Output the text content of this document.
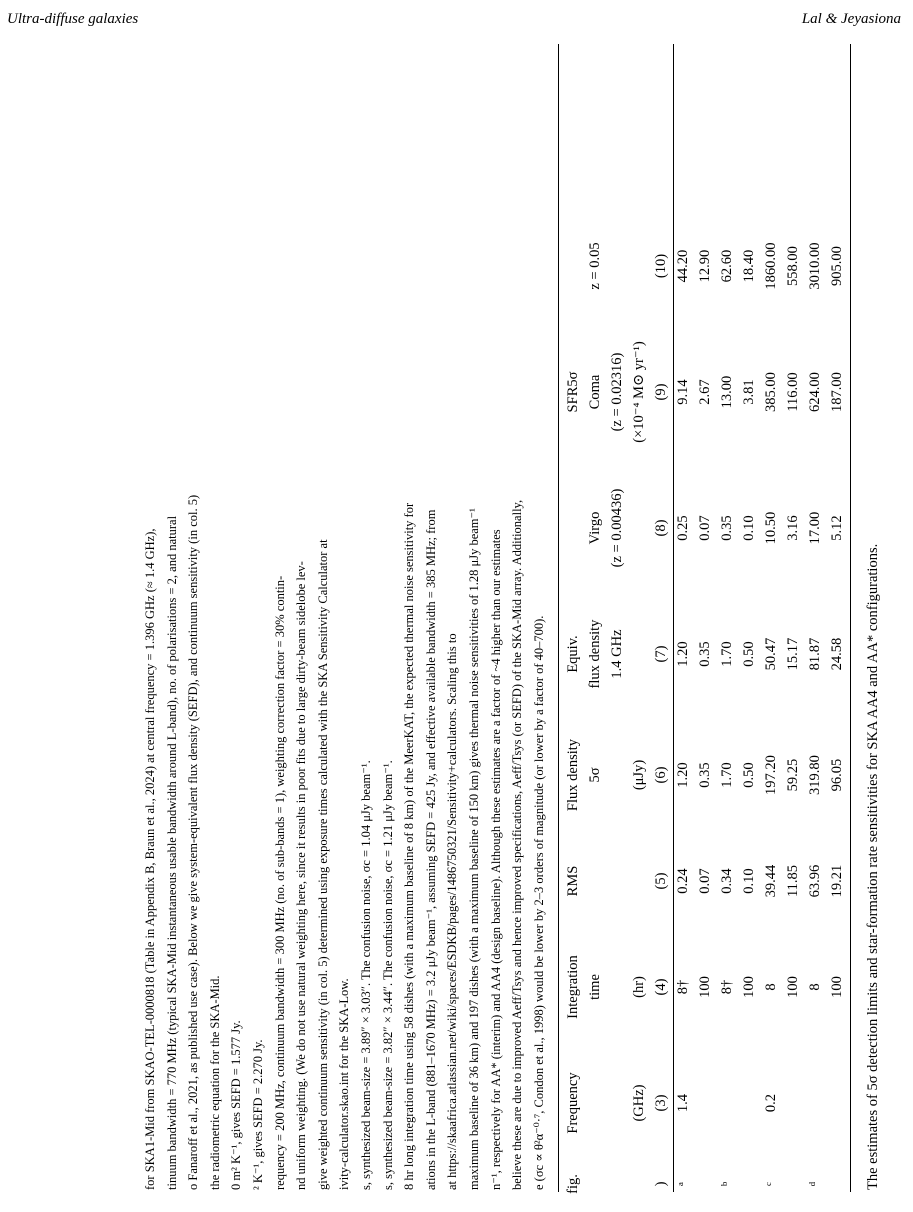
Ultra-diffuse galaxies	Lal & Jeyasiona
The estimates of 5σ detection limits and star-formation rate sensitivities for SKA AA4 and AA* configurations.
fig.	Frequency	Integration	RMS	Flux density	Equiv.		SFR5σ	
		time		5σ	flux density	Virgo	Coma	z = 0.05
					1.4 GHz	(z = 0.00436)	(z = 0.02316)	
	(GHz)	(hr)		(μJy)			(×10⁻⁴ M⊙ yr⁻¹)	
)	(3)	(4)	(5)	(6)	(7)	(8)	(9)	(10)
ᵃ	1.4	8†	0.24	1.20	1.20	0.25	9.14	44.20
		100	0.07	0.35	0.35	0.07	2.67	12.90
ᵇ		8†	0.34	1.70	1.70	0.35	13.00	62.60
		100	0.10	0.50	0.50	0.10	3.81	18.40
ᶜ	0.2	8	39.44	197.20	50.47	10.50	385.00	1860.00
		100	11.85	59.25	15.17	3.16	116.00	558.00
ᵈ		8	63.96	319.80	81.87	17.00	624.00	3010.00
		100	19.21	96.05	24.58	5.12	187.00	905.00
for SKA1-Mid from SKAO-TEL-0000818 (Table in Appendix B, Braun et al., 2024) at central frequency = 1.396 GHz (≈ 1.4 GHz), tinuum bandwidth = 770 MHz (typical SKA-Mid instantaneous usable bandwidth around L-band), no. of polarisations = 2, and natural o Fanaroff et al., 2021, as published use case). Below we give system-equivalent flux density (SEFD), and continuum sensitivity (in col. 5) the radiometric equation for the SKA-Mid. 0 m² K⁻¹, gives SEFD = 1.577 Jy. ² K⁻¹, gives SEFD = 2.270 Jy. requency = 200 MHz, continuum bandwidth = 300 MHz (no. of sub-bands = 1), weighting correction factor = 30% contin- nd uniform weighting. (We do not use natural weighting here, since it results in poor fits due to large dirty-beam sidelobe lev- give weighted continuum sensitivity (in col. 5) determined using exposure times calculated with the SKA Sensitivity Calculator at ivity-calculator.skao.int for the SKA-Low. s, synthesized beam-size = 3.89″ × 3.03″. The confusion noise, σc = 1.04 μJy beam⁻¹. s, synthesized beam-size = 3.82″ × 3.44″. The confusion noise, σc = 1.21 μJy beam⁻¹. 8 hr long integration time using 58 dishes (with a maximum baseline of 8 km) of the MeerKAT, the expected thermal noise sensitivity for ations in the L-band (881–1670 MHz) = 3.2 μJy beam⁻¹, assuming SEFD = 425 Jy, and effective available bandwidth = 385 MHz; from at https://skaafrica.atlassian.net/wiki/spaces/ESDKB/pages/1486750321/Sensitivity+calculators. Scaling this to maximum baseline of 36 km) and 197 dishes (with a maximum baseline of 150 km) gives thermal noise sensitivities of 1.28 μJy beam⁻¹ n⁻¹, respectively for AA* (interim) and AA4 (design baseline). Although these estimates are a factor of ~4 higher than our estimates believe these are due to improved Aeff/Tsys and hence improved specifications, Aeff/Tsys (or SEFD) of the SKA-Mid array. Additionally, e (σc ∝ θ²α⁻⁰·⁷, Condon et al., 1998) would be lower by 2–3 orders of magnitude (or lower by a factor of 40–700).
